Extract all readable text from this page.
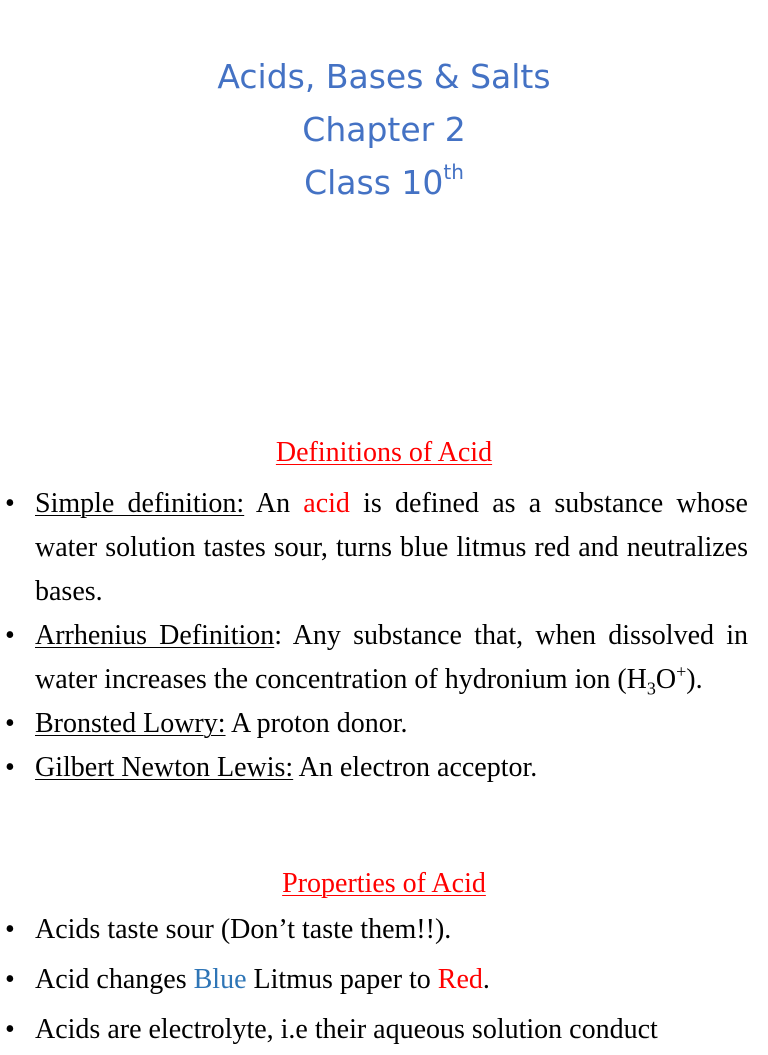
Acids, Bases & Salts
Chapter 2
Class 10th
Definitions of Acid
• Simple definition: An acid is defined as a substance whose water solution tastes sour, turns blue litmus red and neutralizes bases.
• Arrhenius Definition: Any substance that, when dissolved in water increases the concentration of hydronium ion $(H_3O^+)$.
• Bronsted Lowry: A proton donor.
• Gilbert Newton Lewis: An electron acceptor.
Properties of Acid
• Acids taste sour (Don’t taste them!!).
• Acid changes Blue Litmus paper to Red.
• Acids are electrolyte, i.e their aqueous solution conduct
